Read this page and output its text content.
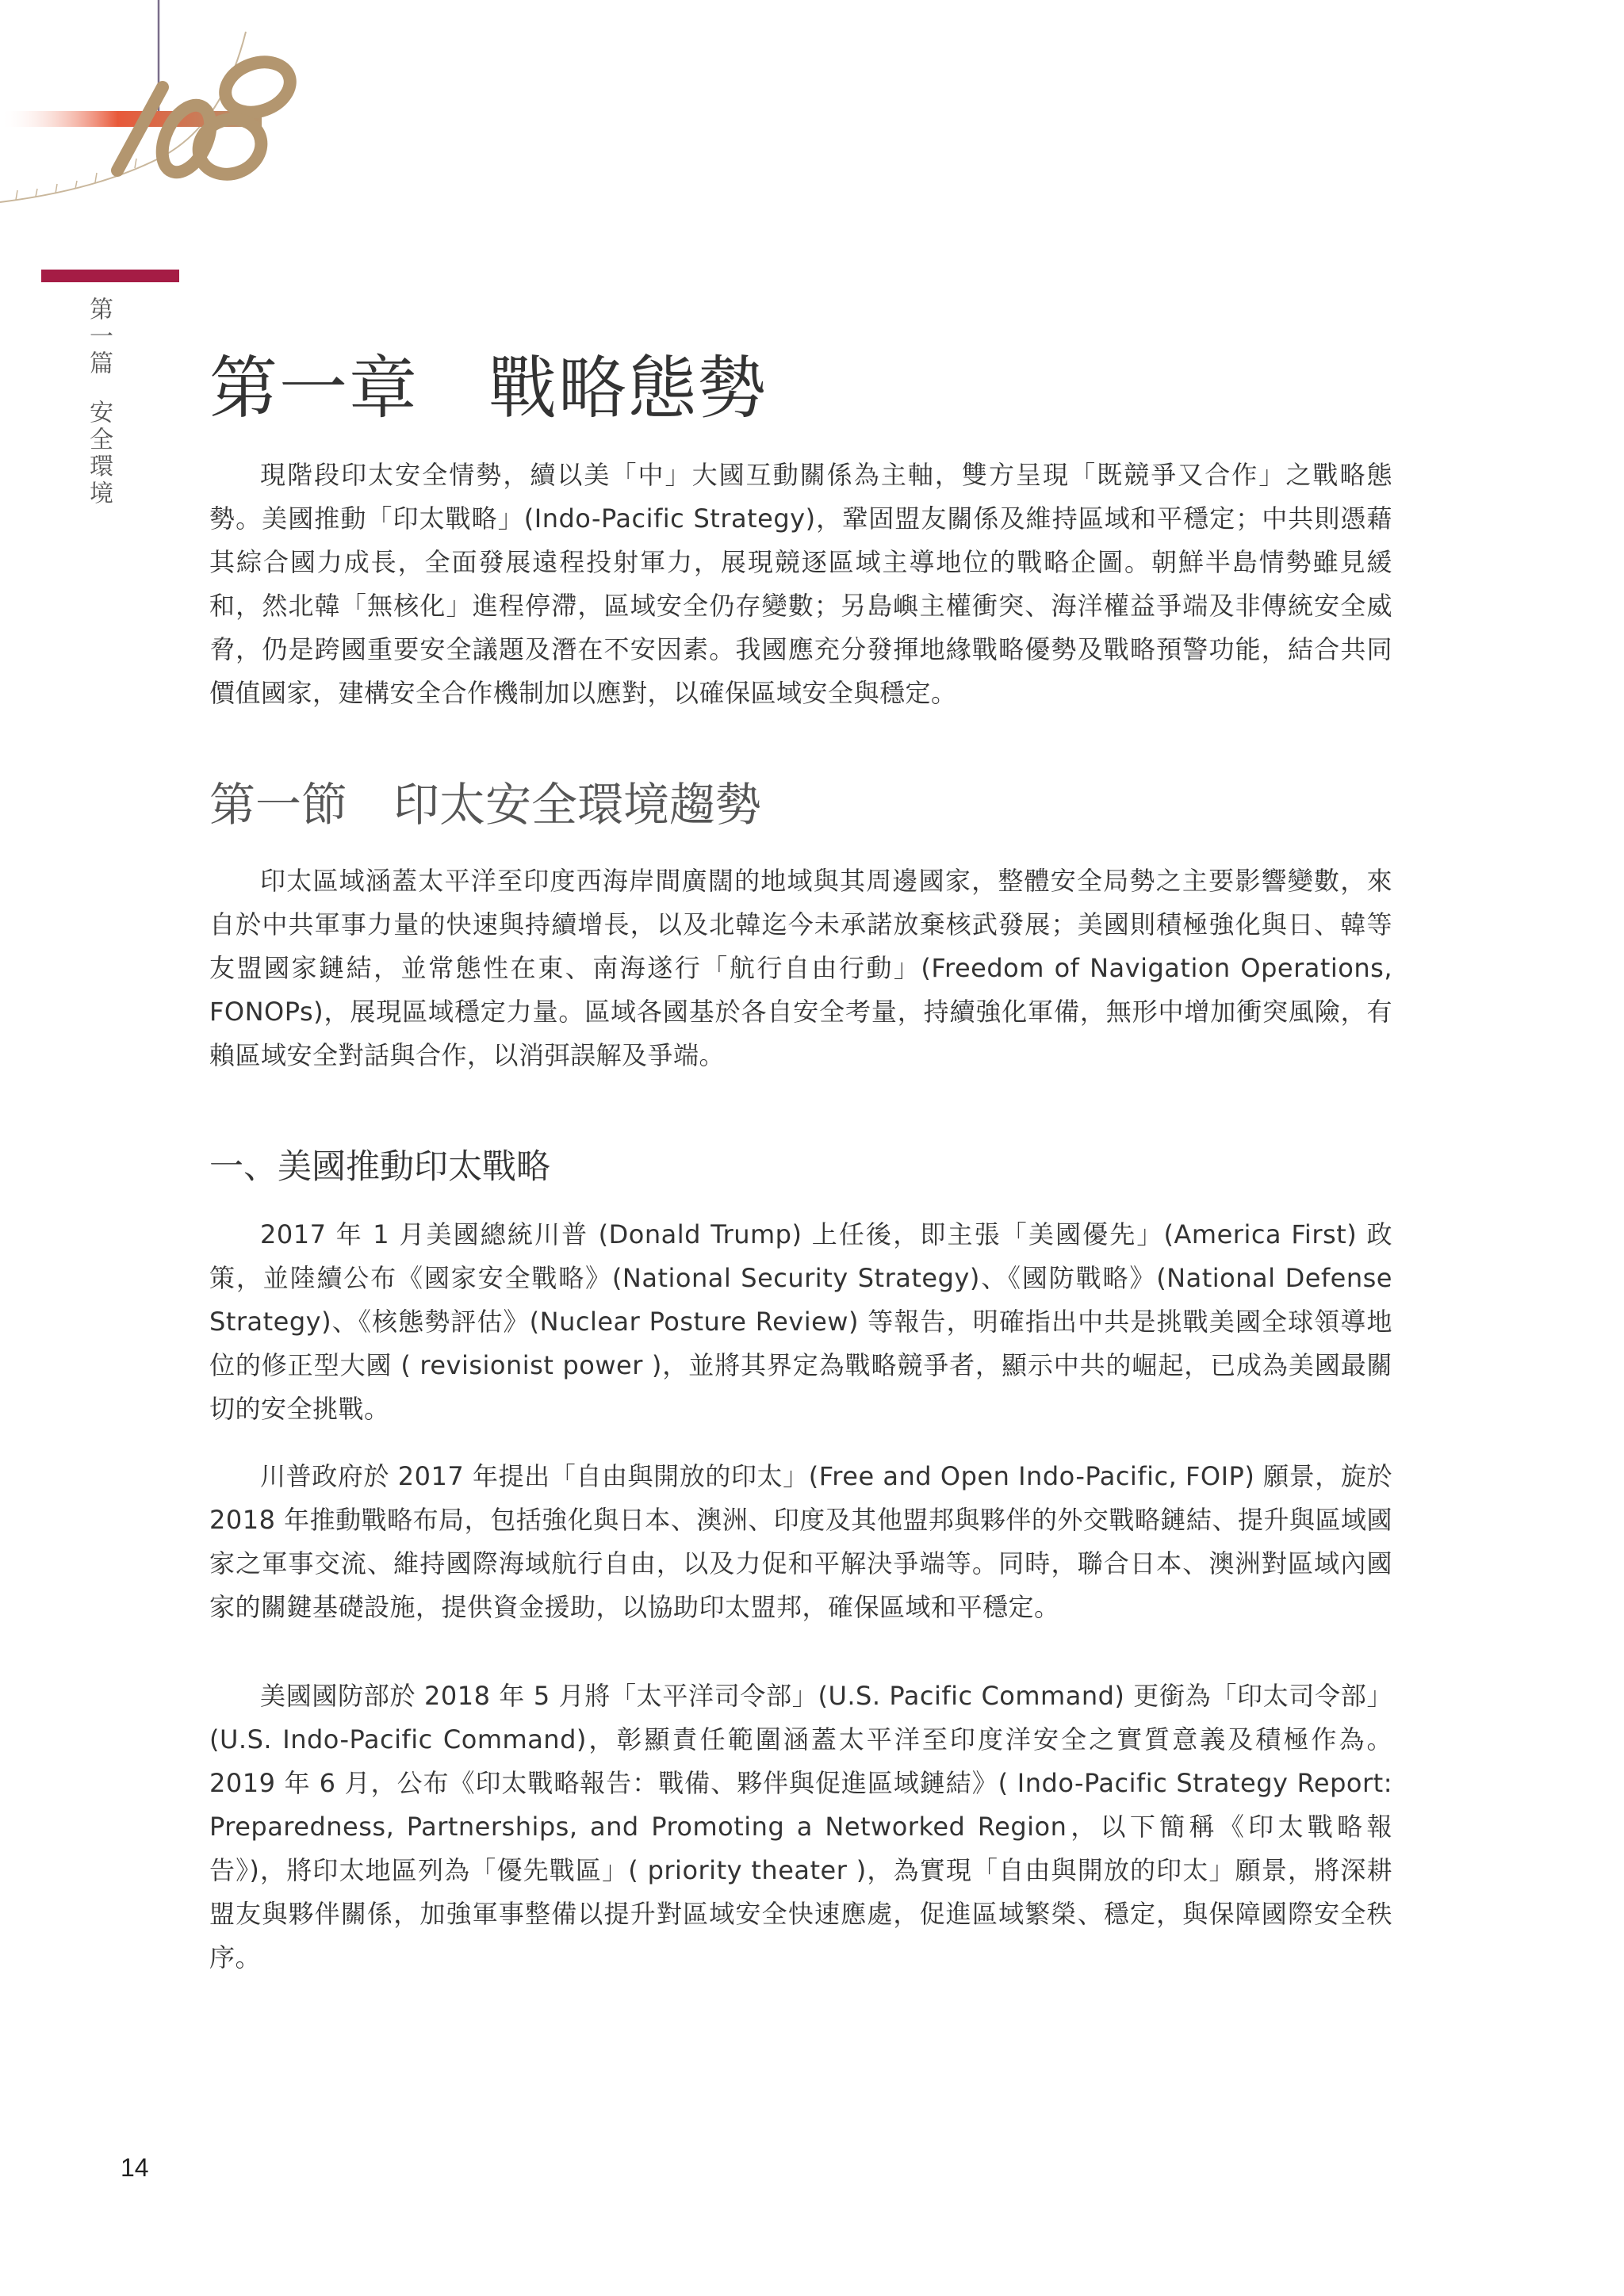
第一篇安全環境
第一章　戰略態勢

現階段印太安全情勢，續以美「中」大國互動關係為主軸，雙方呈現「既競爭又合作」之戰略態勢。美國推動「印太戰略」(Indo-Pacific Strategy)，鞏固盟友關係及維持區域和平穩定；中共則憑藉其綜合國力成長，全面發展遠程投射軍力，展現競逐區域主導地位的戰略企圖。朝鮮半島情勢雖見緩和，然北韓「無核化」進程停滯，區域安全仍存變數；另島嶼主權衝突、海洋權益爭端及非傳統安全威脅，仍是跨國重要安全議題及潛在不安因素。我國應充分發揮地緣戰略優勢及戰略預警功能，結合共同價值國家，建構安全合作機制加以應對，以確保區域安全與穩定。

第一節　印太安全環境趨勢

印太區域涵蓋太平洋至印度西海岸間廣闊的地域與其周邊國家，整體安全局勢之主要影響變數，來自於中共軍事力量的快速與持續增長，以及北韓迄今未承諾放棄核武發展；美國則積極強化與日、韓等友盟國家鏈結，並常態性在東、南海遂行「航行自由行動」(Freedom of Navigation Operations, FONOPs)，展現區域穩定力量。區域各國基於各自安全考量，持續強化軍備，無形中增加衝突風險，有賴區域安全對話與合作，以消弭誤解及爭端。

一、美國推動印太戰略

2017 年 1 月美國總統川普 (Donald Trump) 上任後，即主張「美國優先」(America First) 政策，並陸續公布《國家安全戰略》(National Security Strategy)、《國防戰略》(National Defense Strategy)、《核態勢評估》(Nuclear Posture Review) 等報告，明確指出中共是挑戰美國全球領導地位的修正型大國 ( revisionist power )，並將其界定為戰略競爭者，顯示中共的崛起，已成為美國最關切的安全挑戰。

川普政府於 2017 年提出「自由與開放的印太」(Free and Open Indo-Pacific, FOIP) 願景，旋於 2018 年推動戰略布局，包括強化與日本、澳洲、印度及其他盟邦與夥伴的外交戰略鏈結、提升與區域國家之軍事交流、維持國際海域航行自由，以及力促和平解決爭端等。同時，聯合日本、澳洲對區域內國家的關鍵基礎設施，提供資金援助，以協助印太盟邦，確保區域和平穩定。

美國國防部於 2018 年 5 月將「太平洋司令部」(U.S. Pacific Command) 更銜為「印太司令部」(U.S. Indo-Pacific Command)，彰顯責任範圍涵蓋太平洋至印度洋安全之實質意義及積極作為。2019 年 6 月，公布《印太戰略報告：戰備、夥伴與促進區域鏈結》( Indo-Pacific Strategy Report: Preparedness, Partnerships, and Promoting a Networked Region，以下簡稱《印太戰略報告》)，將印太地區列為「優先戰區」( priority theater )，為實現「自由與開放的印太」願景，將深耕盟友與夥伴關係，加強軍事整備以提升對區域安全快速應處，促進區域繁榮、穩定，與保障國際安全秩序。

14
